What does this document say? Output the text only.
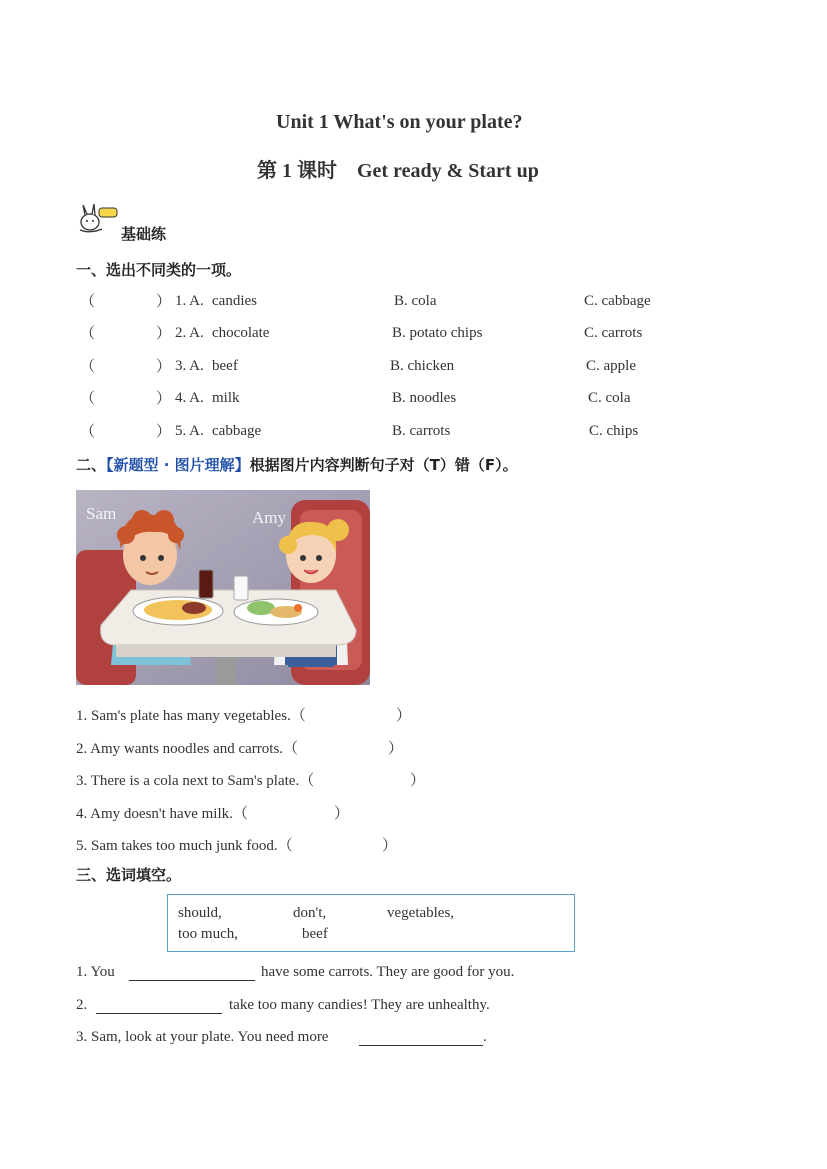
Unit 1 What's on your plate?
第 1 课时    Get ready & Start up
基础练
一、选出不同类的一项。
（	） 1. A. candies	B. cola	C. cabbage
（	） 2. A. chocolate	B. potato chips	C. carrots
（	） 3. A. beef	B. chicken	C. apple
（	） 4. A. milk	B. noodles	C. cola
（	） 5. A. cabbage	B. carrots	C. chips
二、【新题型 · 图片理解】根据图片内容判断句子对（T）错（F）。
Sam	Amy
1. Sam's plate has many vegetables.（	）
2. Amy wants noodles and carrots.（	）
3. There is a cola next to Sam's plate.（	）
4. Amy doesn't have milk.（	）
5. Sam takes too much junk food.（	）
三、选词填空。
should,	don't,	vegetables,
too much,	beef
1. You	have some carrots. They are good for you.
2.	take too many candies! They are unhealthy.
3. Sam, look at your plate. You need more	.
